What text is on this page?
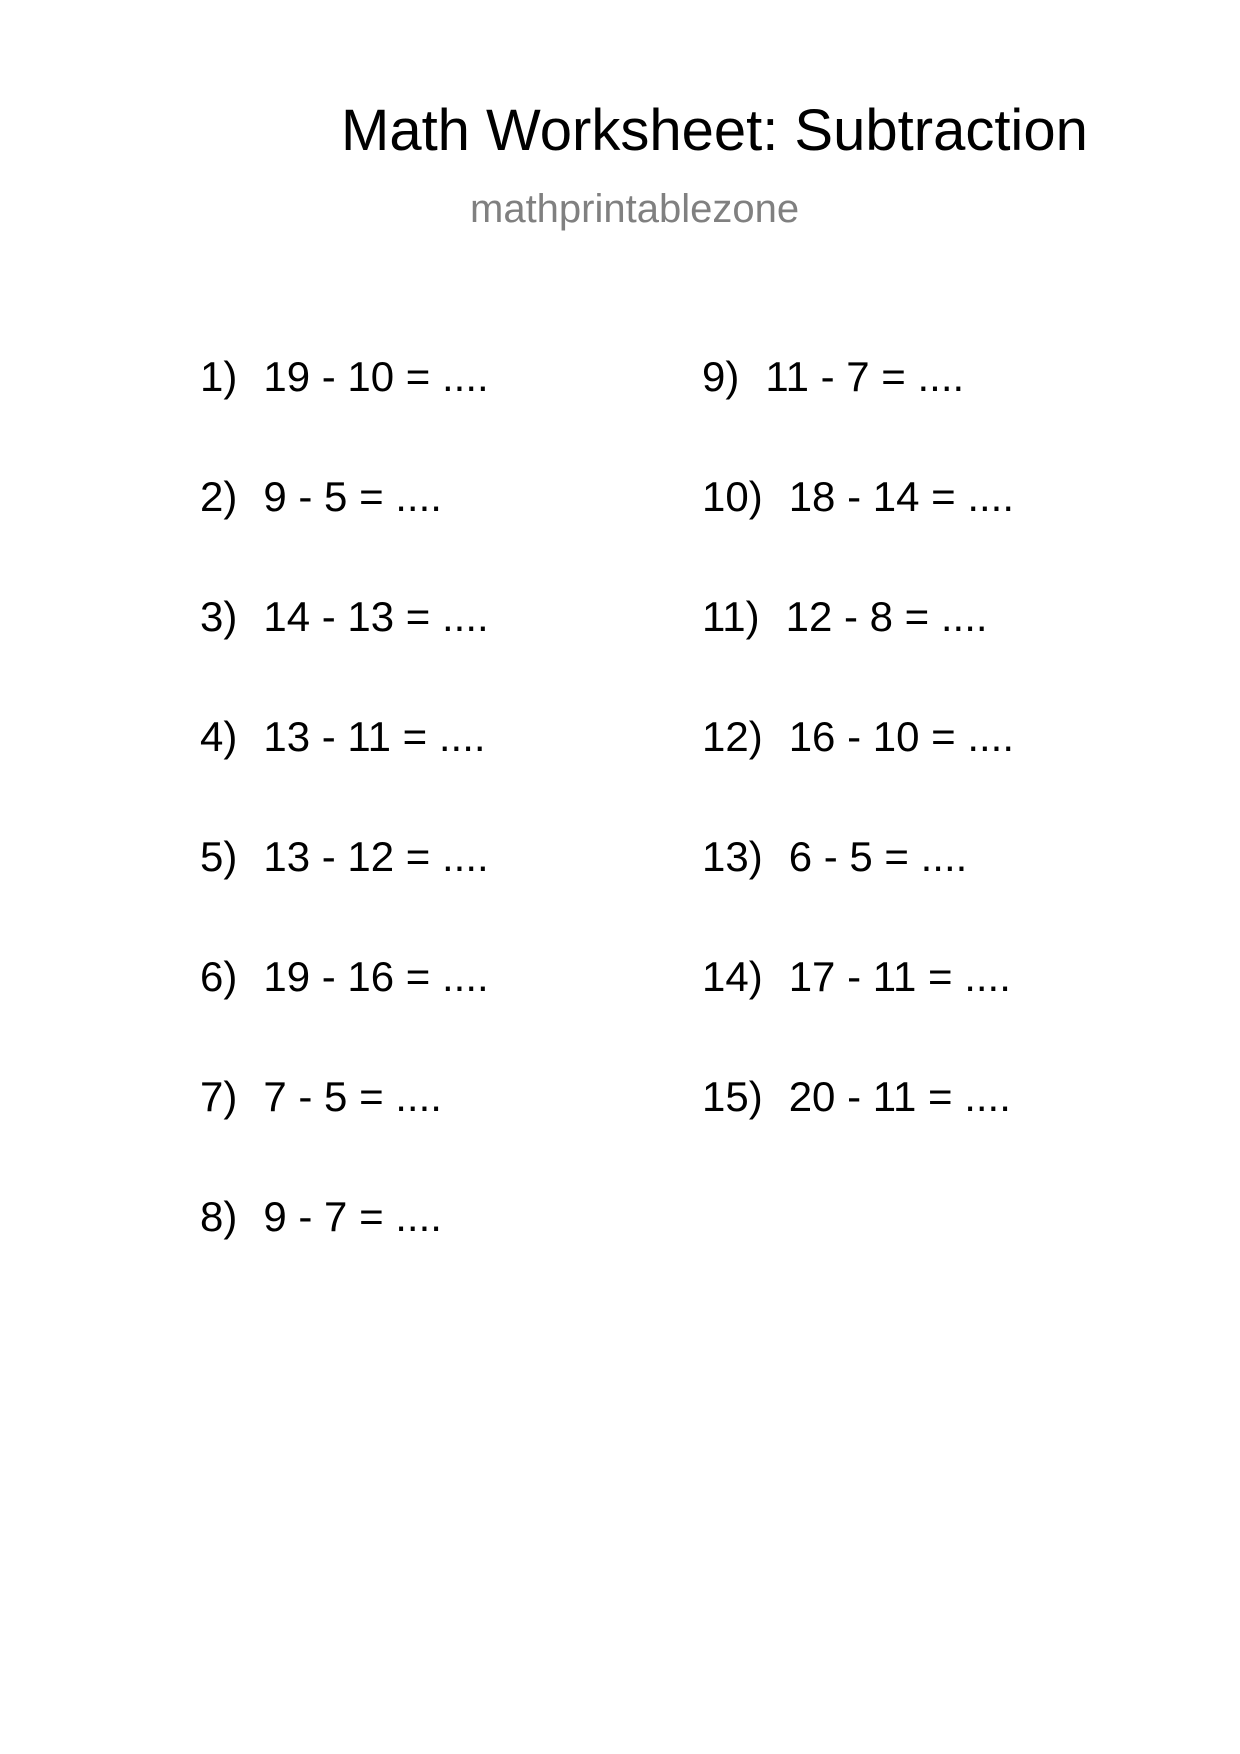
Math Worksheet: Subtraction
mathprintablezone
1) 19 - 10 = ....
2) 9 - 5 = ....
3) 14 - 13 = ....
4) 13 - 11 = ....
5) 13 - 12 = ....
6) 19 - 16 = ....
7) 7 - 5 = ....
8) 9 - 7 = ....
9) 11 - 7 = ....
10) 18 - 14 = ....
11) 12 - 8 = ....
12) 16 - 10 = ....
13) 6 - 5 = ....
14) 17 - 11 = ....
15) 20 - 11 = ....
